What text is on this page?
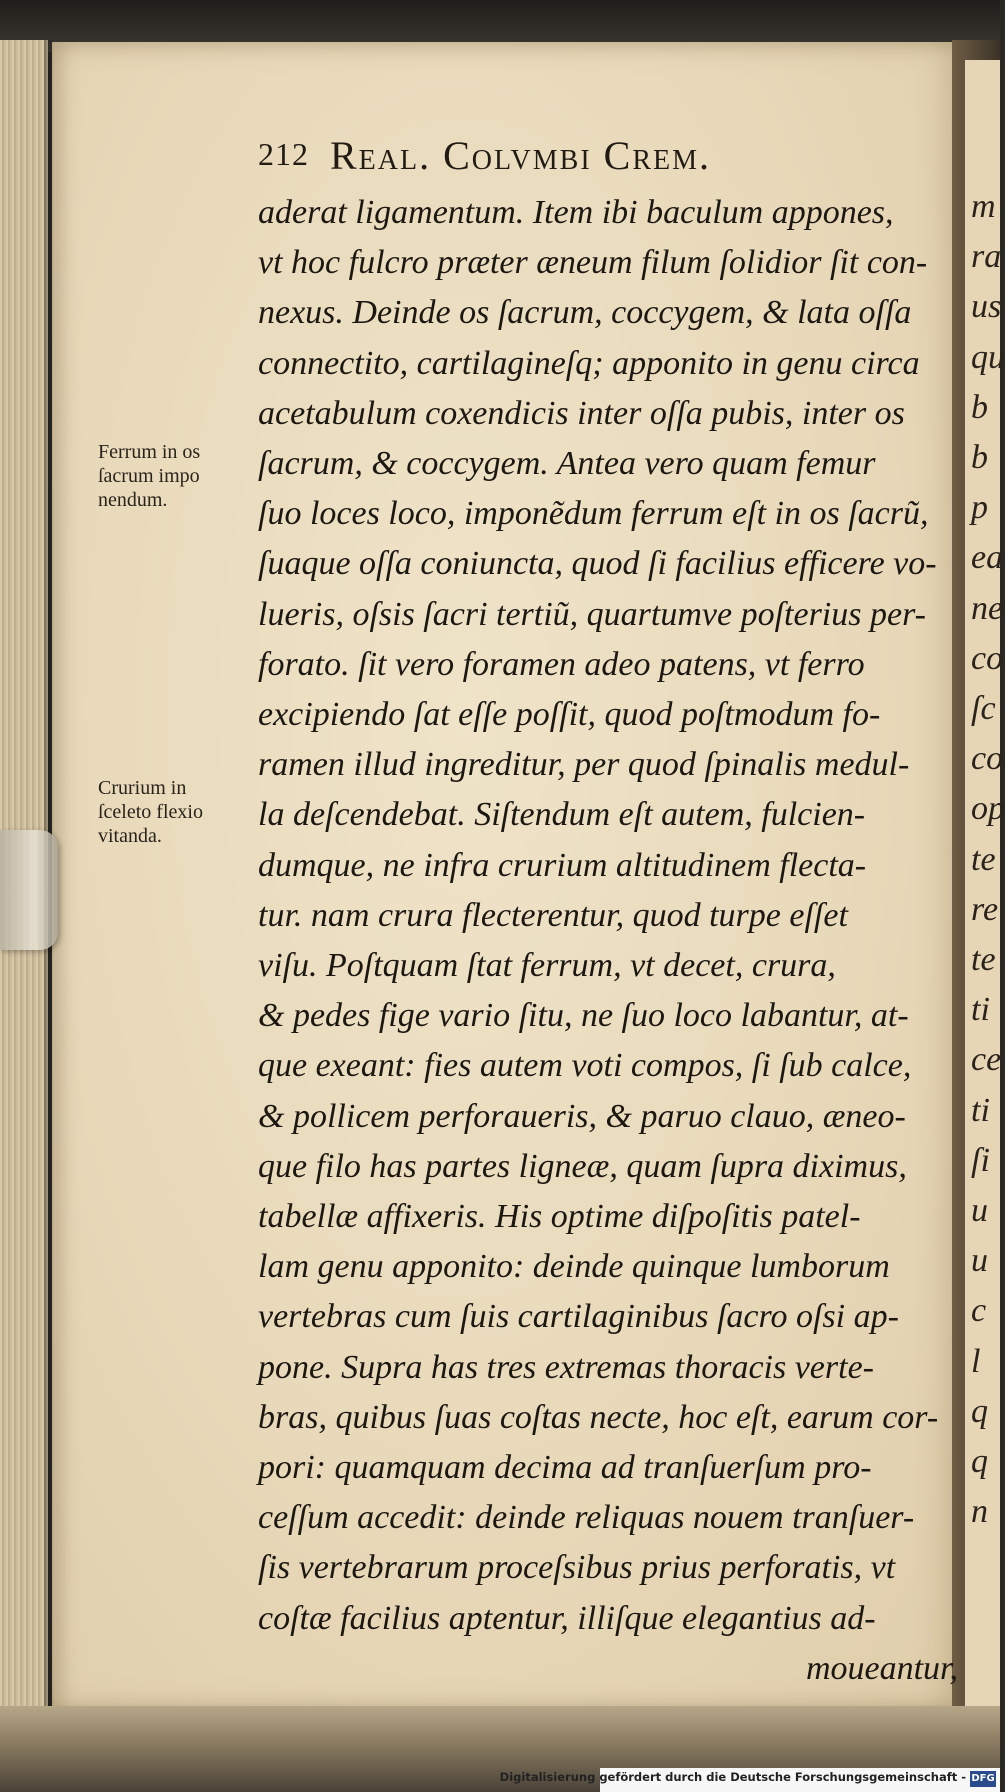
m
ra
us
qu
b
b
p
ea
ne
co
ſc
co
op
te
re
te
ti
ce
ti
ſi
u
u
c
l
q
q
n
212 Real. Colvmbi Crem.
aderat ligamentum. Item ibi baculum appones,
vt hoc fulcro præter æneum filum ſolidior ſit con-
nexus. Deinde os ſacrum, coccygem, & lata oſſa
connectito, cartilagineſq; apponito in genu circa
acetabulum coxendicis inter oſſa pubis, inter os
ſacrum, & coccygem. Antea vero quam femur
ſuo loces loco, imponẽdum ferrum eſt in os ſacrũ,
ſuaque oſſa coniuncta, quod ſi facilius efficere vo-
lueris, oſsis ſacri tertiũ, quartumve poſterius per-
forato. ſit vero foramen adeo patens, vt ferro
excipiendo ſat eſſe poſſit, quod poſtmodum fo-
ramen illud ingreditur, per quod ſpinalis medul-
la deſcendebat. Siſtendum eſt autem, fulcien-
dumque, ne infra crurium altitudinem flecta-
tur. nam crura flecterentur, quod turpe eſſet
viſu. Poſtquam ſtat ferrum, vt decet, crura,
& pedes fige vario ſitu, ne ſuo loco labantur, at-
que exeant: fies autem voti compos, ſi ſub calce,
& pollicem perforaueris, & paruo clauo, æneo-
que filo has partes ligneæ, quam ſupra diximus,
tabellæ affixeris. His optime diſpoſitis patel-
lam genu apponito: deinde quinque lumborum
vertebras cum ſuis cartilaginibus ſacro oſsi ap-
pone. Supra has tres extremas thoracis verte-
bras, quibus ſuas coſtas necte, hoc eſt, earum cor-
pori: quamquam decima ad tranſuerſum pro-
ceſſum accedit: deinde reliquas nouem tranſuer-
ſis vertebrarum proceſsibus prius perforatis, vt
coſtæ facilius aptentur, illiſque elegantius ad-
moueantur,
Ferrum in os
ſacrum impo
nendum.
Crurium in
ſceleto flexio
vitanda.
Digitalisierung gefördert durch die Deutsche Forschungsgemeinschaft - DFG
